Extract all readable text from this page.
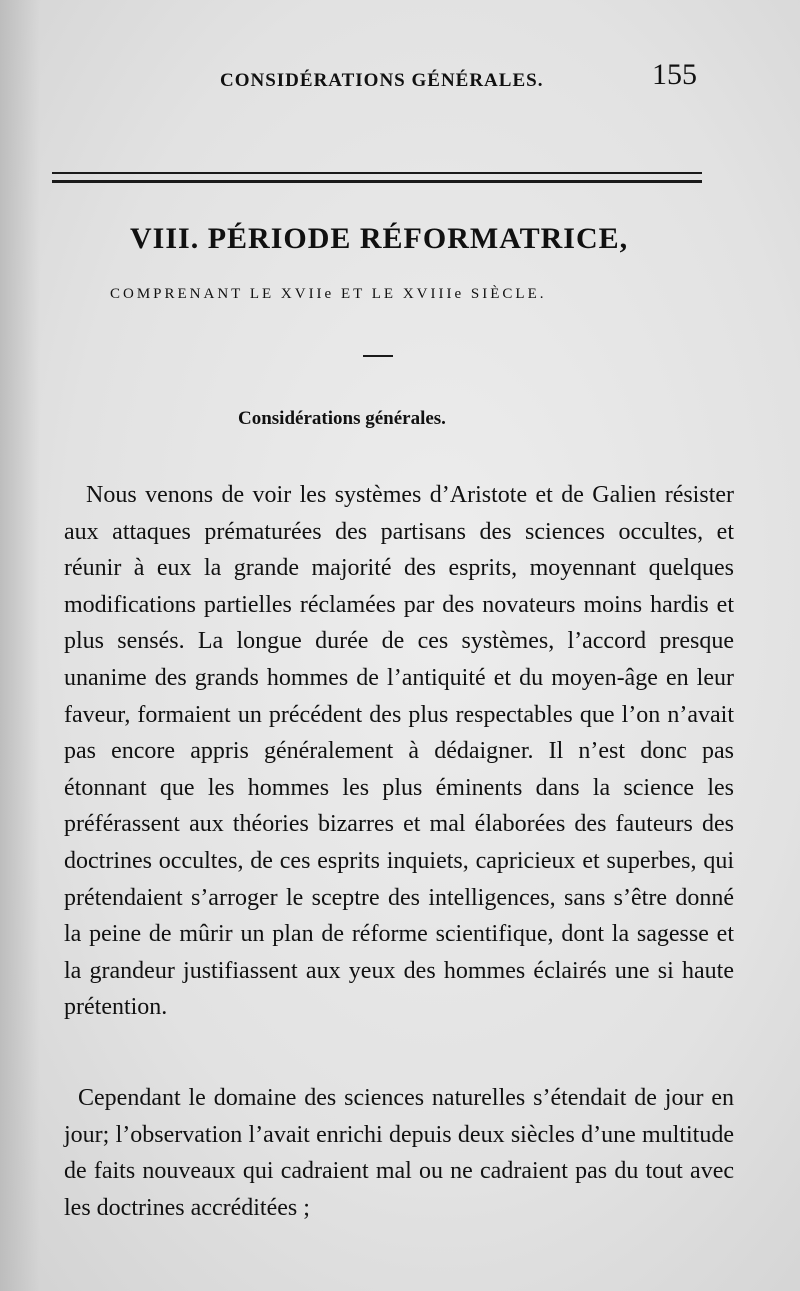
CONSIDÉRATIONS GÉNÉRALES.	155
VIII. PÉRIODE RÉFORMATRICE,
COMPRENANT LE XVIIe ET LE XVIIIe SIÈCLE.
Considérations générales.

Nous venons de voir les systèmes d’Aristote et de Galien résister aux attaques prématurées des partisans des sciences occultes, et réunir à eux la grande majorité des esprits, moyennant quelques modifications partielles réclamées par des novateurs moins hardis et plus sensés. La longue durée de ces systèmes, l’accord presque unanime des grands hommes de l’antiquité et du moyen-âge en leur faveur, formaient un précédent des plus respectables que l’on n’avait pas encore appris généralement à dédaigner. Il n’est donc pas étonnant que les hommes les plus éminents dans la science les préférassent aux théories bizarres et mal élaborées des fauteurs des doctrines occultes, de ces esprits inquiets, capricieux et superbes, qui prétendaient s’arroger le sceptre des intelligences, sans s’être donné la peine de mûrir un plan de réforme scientifique, dont la sagesse et la grandeur justifiassent aux yeux des hommes éclairés une si haute prétention.

Cependant le domaine des sciences naturelles s’étendait de jour en jour; l’observation l’avait enrichi depuis deux siècles d’une multitude de faits nouveaux qui cadraient mal ou ne cadraient pas du tout avec les doctrines accréditées ;
